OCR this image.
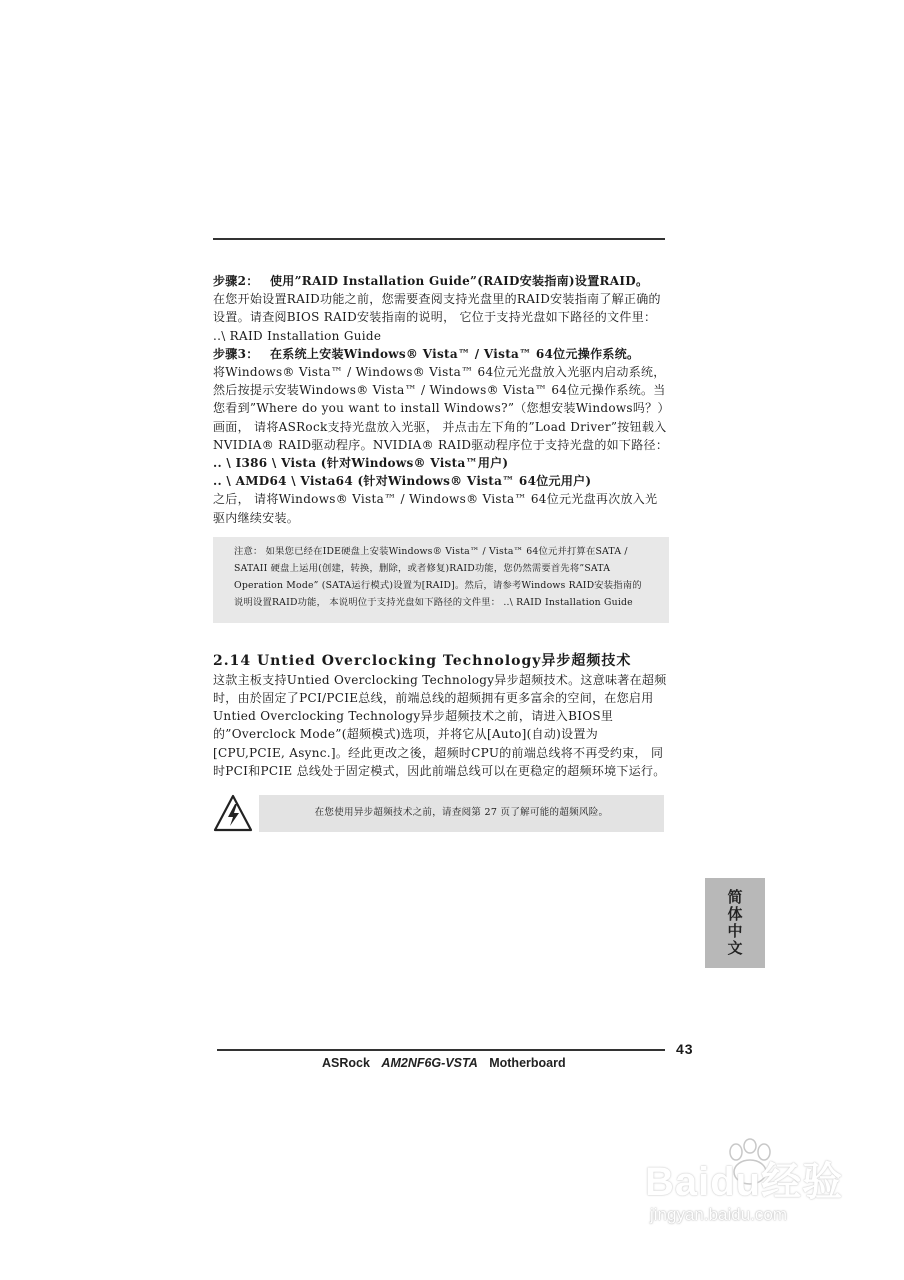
步骤2： 使用”RAID Installation Guide”(RAID安装指南)设置RAID。

在您开始设置RAID功能之前，您需要查阅支持光盘里的RAID安装指南了解正确的设置。请查阅BIOS RAID安装指南的说明， 它位于支持光盘如下路径的文件里： ..\ RAID Installation Guide

步骤3： 在系统上安装Windows® Vista™ / Vista™ 64位元操作系统。

将Windows® Vista™ / Windows® Vista™ 64位元光盘放入光驱内启动系统，然后按提示安装Windows® Vista™ / Windows® Vista™ 64位元操作系统。当您看到”Where do you want to install Windows?”（您想安装Windows吗？）画面， 请将ASRock支持光盘放入光驱， 并点击左下角的”Load Driver”按钮载入NVIDIA® RAID驱动程序。NVIDIA® RAID驱动程序位于支持光盘的如下路径：

.. \ I386 \ Vista (针对Windows® Vista™用户)

.. \ AMD64 \ Vista64 (针对Windows® Vista™ 64位元用户)

之后， 请将Windows® Vista™ / Windows® Vista™ 64位元光盘再次放入光驱内继续安装。

注意： 如果您已经在IDE硬盘上安装Windows® Vista™ / Vista™ 64位元并打算在SATA / SATAII 硬盘上运用(创建，转换，删除，或者修复)RAID功能，您仍然需要首先将”SATA Operation Mode” (SATA运行模式)设置为[RAID]。然后，请参考Windows RAID安装指南的说明设置RAID功能， 本说明位于支持光盘如下路径的文件里： ..\ RAID Installation Guide
2.14 Untied Overclocking Technology异步超频技术

这款主板支持Untied Overclocking Technology异步超频技术。这意味著在超频时，由於固定了PCI/PCIE总线，前端总线的超频拥有更多富余的空间，在您启用Untied Overclocking Technology异步超频技术之前，请进入BIOS里的”Overclock Mode”(超频模式)选项，并将它从[Auto](自动)设置为[CPU,PCIE, Async.]。经此更改之後，超频时CPU的前端总线将不再受约束， 同时PCI和PCIE 总线处于固定模式，因此前端总线可以在更稳定的超频环境下运行。

在您使用异步超频技术之前，请查阅第 27 页了解可能的超频风险。
简体中文
43
ASRock AM2NF6G-VSTA Motherboard
Baidu经验
jingyan.baidu.com
